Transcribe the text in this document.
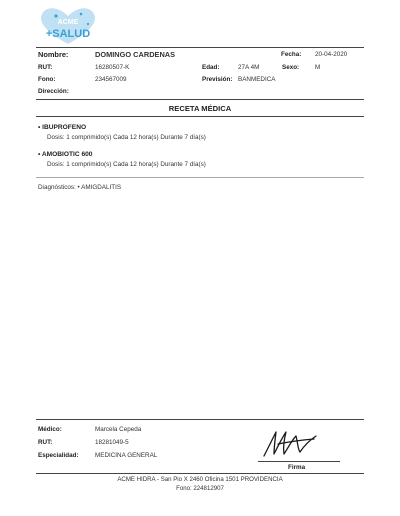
ACME
+SALUD
Nombre:	DOMINGO CARDENAS	Fecha: 20-04-2020
RUT:	16280507-K	Edad:	27A 4M	Sexo:	M
Fono:	234567009	Previsión: BANMEDICA
Dirección:
RECETA MÉDICA
• IBUPROFENO
Dosis: 1 comprimido(s) Cada 12 hora(s) Durante 7 día(s)
• AMOBIOTIC 600
Dosis: 1 comprimido(s) Cada 12 hora(s) Durante 7 día(s)
Diagnósticos: • AMIGDALITIS
Médico:	Marcela Cepeda
RUT:	18281049-5
Especialidad:	MEDICINA GENERAL
Firma
ACME HIDRA - San Pio X 2460 Oficina 1501 PROVIDENCIA
Fono: 224812907
